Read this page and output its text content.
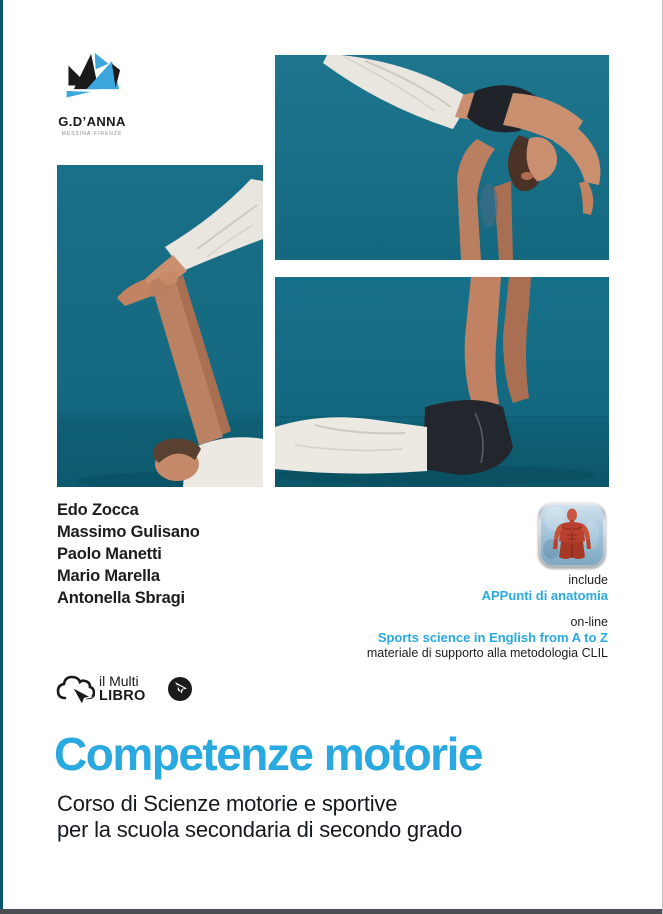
G.D’ANNA
MESSINA·FIRENZE
Edo Zocca
Massimo Gulisano
Paolo Manetti
Mario Marella
Antonella Sbragi
include
APPunti di anatomia
on-line
Sports science in English from A to Z
materiale di supporto alla metodologia CLIL
il Multi
LIBRO
Competenze motorie
Corso di Scienze motorie e sportive
per la scuola secondaria di secondo grado
